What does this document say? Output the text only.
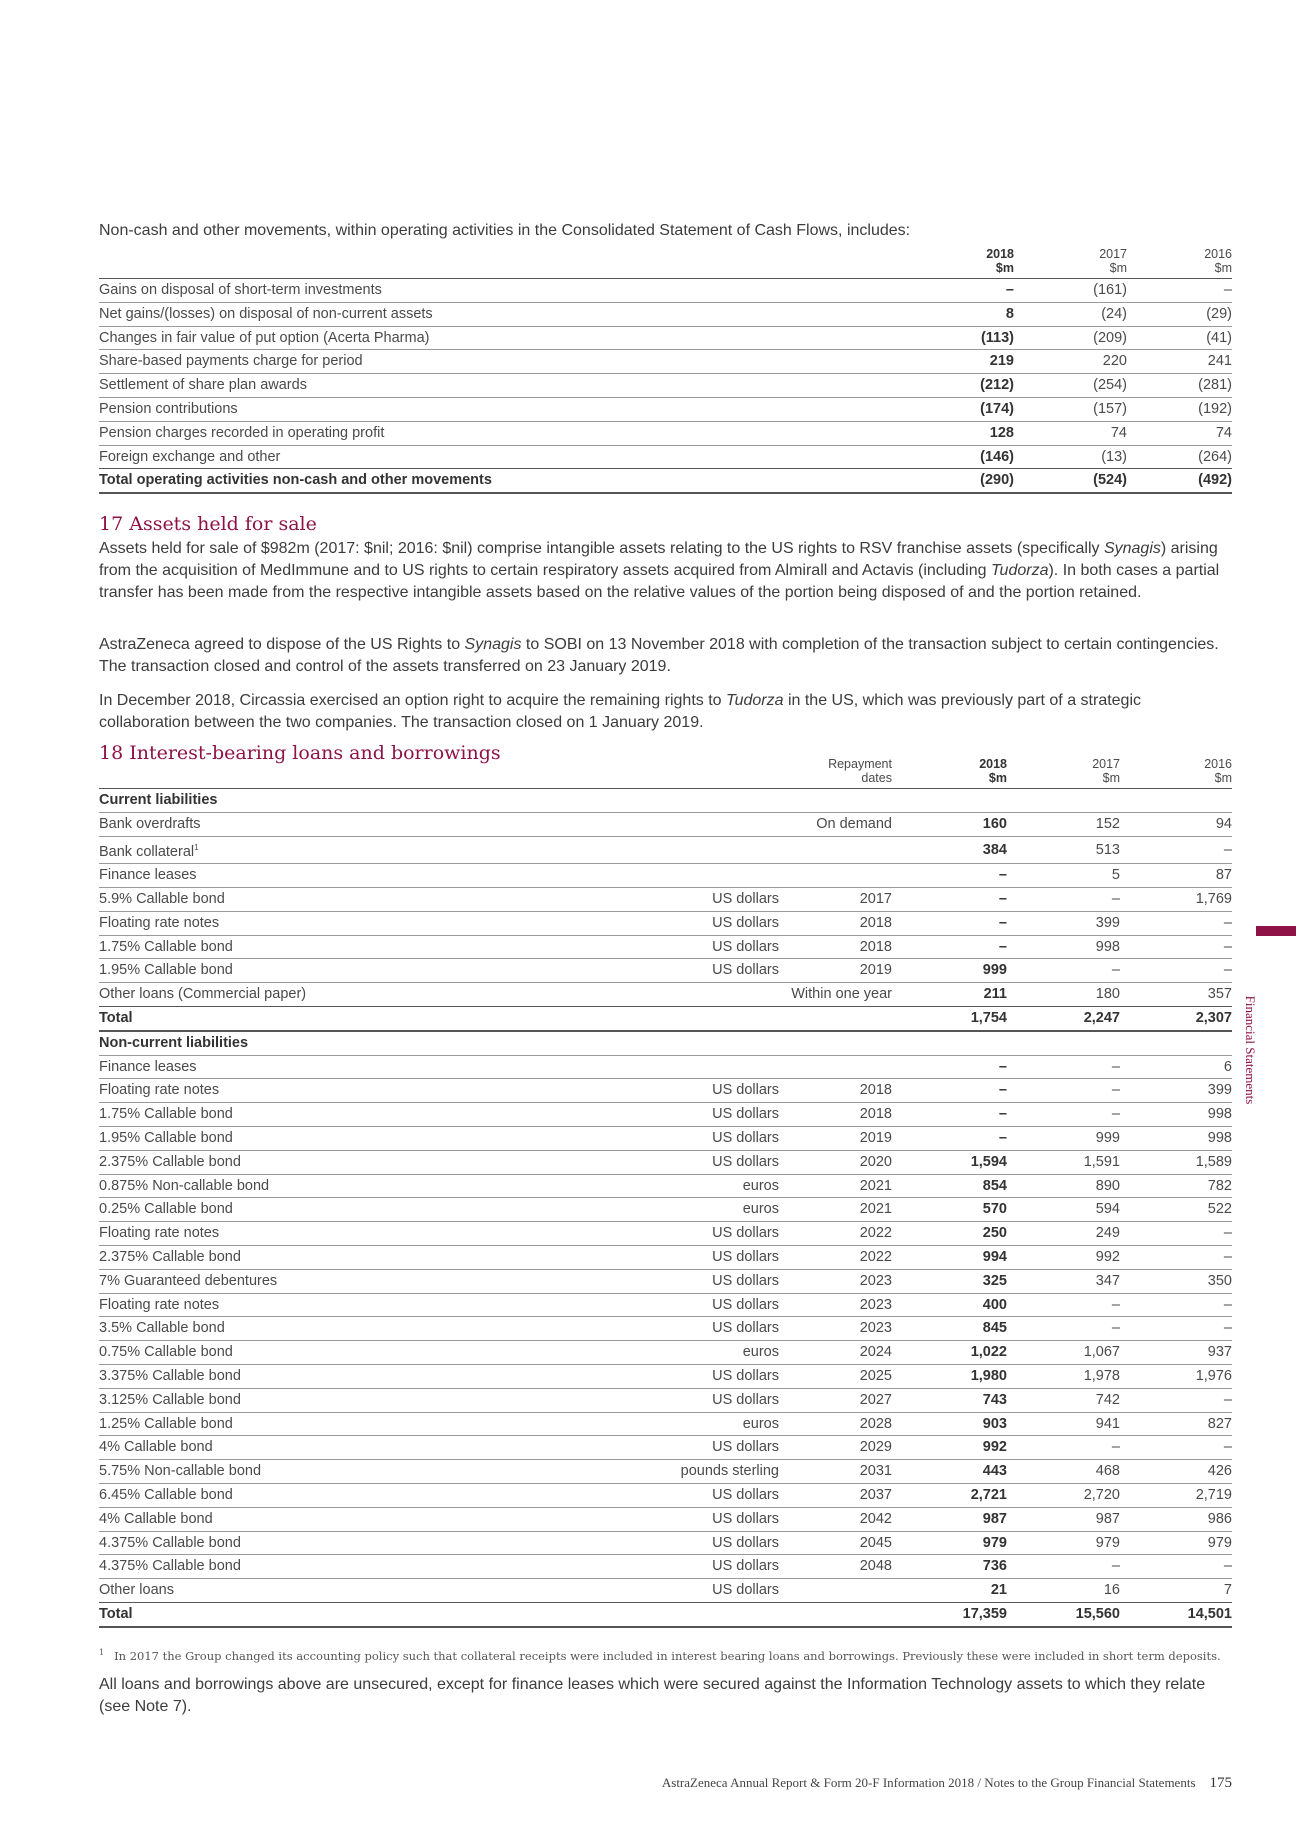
Non-cash and other movements, within operating activities in the Consolidated Statement of Cash Flows, includes:
	2018
$m	2017
$m	2016
$m
Gains on disposal of short-term investments	–	(161)	–
Net gains/(losses) on disposal of non-current assets	8	(24)	(29)
Changes in fair value of put option (Acerta Pharma)	(113)	(209)	(41)
Share-based payments charge for period	219	220	241
Settlement of share plan awards	(212)	(254)	(281)
Pension contributions	(174)	(157)	(192)
Pension charges recorded in operating profit	128	74	74
Foreign exchange and other	(146)	(13)	(264)
Total operating activities non-cash and other movements	(290)	(524)	(492)
17 Assets held for sale

Assets held for sale of $982m (2017: $nil; 2016: $nil) comprise intangible assets relating to the US rights to RSV franchise assets (specifically Synagis) arising from the acquisition of MedImmune and to US rights to certain respiratory assets acquired from Almirall and Actavis (including Tudorza). In both cases a partial transfer has been made from the respective intangible assets based on the relative values of the portion being disposed of and the portion retained.

AstraZeneca agreed to dispose of the US Rights to Synagis to SOBI on 13 November 2018 with completion of the transaction subject to certain contingencies. The transaction closed and control of the assets transferred on 23 January 2019.

In December 2018, Circassia exercised an option right to acquire the remaining rights to Tudorza in the US, which was previously part of a strategic collaboration between the two companies. The transaction closed on 1 January 2019.

18 Interest-bearing loans and borrowings
			Repayment
dates	2018
$m	2017
$m	2016
$m
Current liabilities					
Bank overdrafts		On demand	160	152	94
Bank collateral$^1$			384	513	–
Finance leases			–	5	87
5.9% Callable bond	US dollars	2017	–	–	1,769
Floating rate notes	US dollars	2018	–	399	–
1.75% Callable bond	US dollars	2018	–	998	–
1.95% Callable bond	US dollars	2019	999	–	–
Other loans (Commercial paper)		Within one year	211	180	357
Total			1,754	2,247	2,307
Non-current liabilities					
Finance leases			–	–	6
Floating rate notes	US dollars	2018	–	–	399
1.75% Callable bond	US dollars	2018	–	–	998
1.95% Callable bond	US dollars	2019	–	999	998
2.375% Callable bond	US dollars	2020	1,594	1,591	1,589
0.875% Non-callable bond	euros	2021	854	890	782
0.25% Callable bond	euros	2021	570	594	522
Floating rate notes	US dollars	2022	250	249	–
2.375% Callable bond	US dollars	2022	994	992	–
7% Guaranteed debentures	US dollars	2023	325	347	350
Floating rate notes	US dollars	2023	400	–	–
3.5% Callable bond	US dollars	2023	845	–	–
0.75% Callable bond	euros	2024	1,022	1,067	937
3.375% Callable bond	US dollars	2025	1,980	1,978	1,976
3.125% Callable bond	US dollars	2027	743	742	–
1.25% Callable bond	euros	2028	903	941	827
4% Callable bond	US dollars	2029	992	–	–
5.75% Non-callable bond	pounds sterling	2031	443	468	426
6.45% Callable bond	US dollars	2037	2,721	2,720	2,719
4% Callable bond	US dollars	2042	987	987	986
4.375% Callable bond	US dollars	2045	979	979	979
4.375% Callable bond	US dollars	2048	736	–	–
Other loans	US dollars		21	16	7
Total			17,359	15,560	14,501
$^1$ In 2017 the Group changed its accounting policy such that collateral receipts were included in interest bearing loans and borrowings. Previously these were included in short term deposits.

All loans and borrowings above are unsecured, except for finance leases which were secured against the Information Technology assets to which they relate (see Note 7).

AstraZeneca Annual Report & Form 20-F Information 2018 / Notes to the Group Financial Statements 175
Financial Statements
